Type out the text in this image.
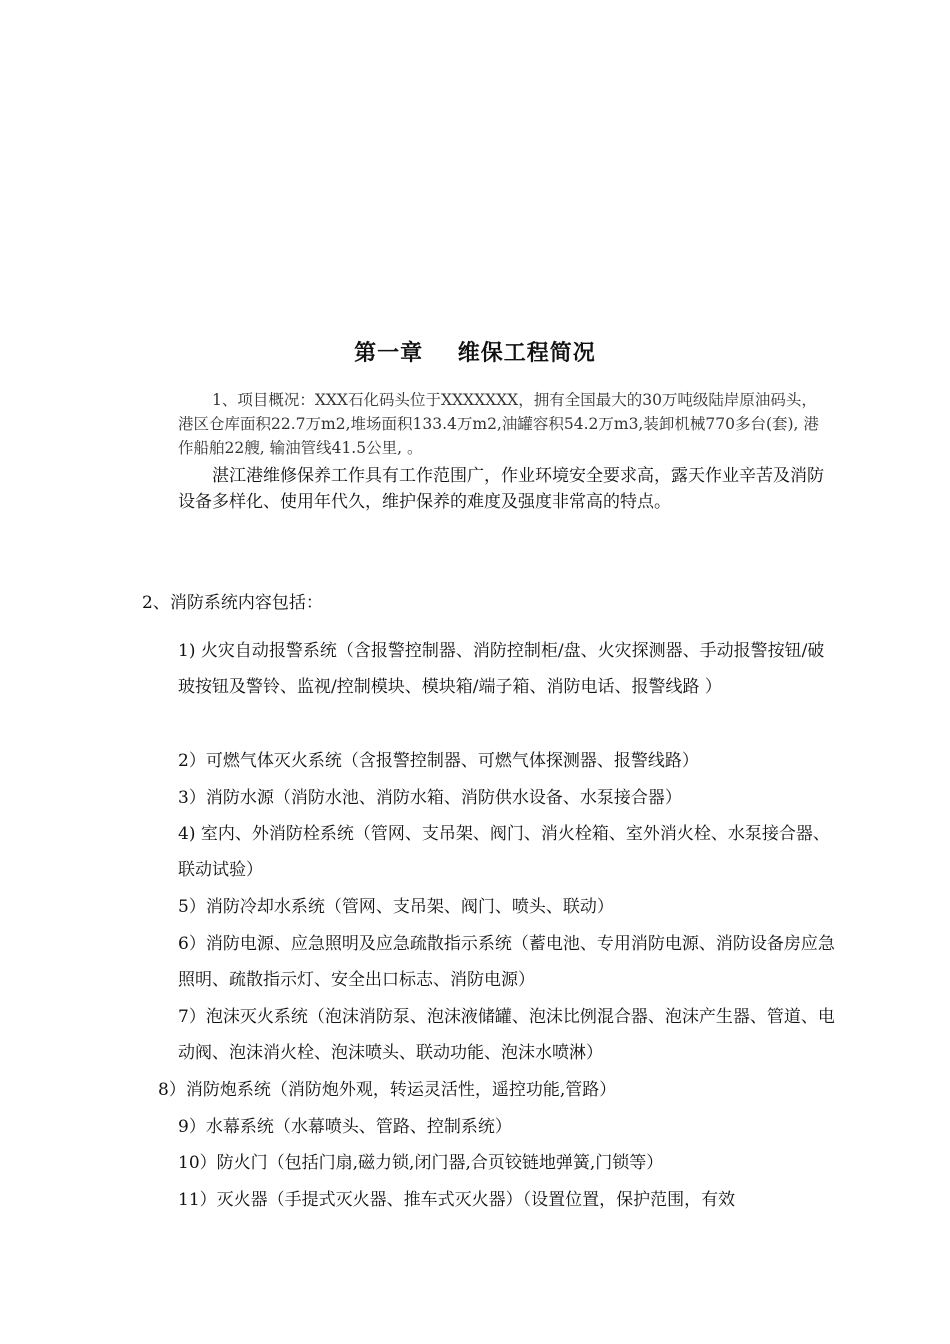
第一章    维保工程简况
1、项目概况：XXX石化码头位于XXXXXXX，拥有全国最大的30万吨级陆岸原油码头，港区仓库面积22.7万m2,堆场面积133.4万m2,油罐容积54.2万m3,装卸机械770多台(套), 港作船舶22艘, 输油管线41.5公里, 。
湛江港维修保养工作具有工作范围广，作业环境安全要求高，露天作业辛苦及消防设备多样化、使用年代久，维护保养的难度及强度非常高的特点。
2、消防系统内容包括：
1) 火灾自动报警系统（含报警控制器、消防控制柜/盘、火灾探测器、手动报警按钮/破玻按钮及警铃、监视/控制模块、模块箱/端子箱、消防电话、报警线路 ）
2）可燃气体灭火系统（含报警控制器、可燃气体探测器、报警线路）
3）消防水源（消防水池、消防水箱、消防供水设备、水泵接合器）
4) 室内、外消防栓系统（管网、支吊架、阀门、消火栓箱、室外消火栓、水泵接合器、联动试验）
5）消防冷却水系统（管网、支吊架、阀门、喷头、联动）
6）消防电源、应急照明及应急疏散指示系统（蓄电池、专用消防电源、消防设备房应急照明、疏散指示灯、安全出口标志、消防电源）
7）泡沫灭火系统（泡沫消防泵、泡沫液储罐、泡沫比例混合器、泡沫产生器、管道、电动阀、泡沫消火栓、泡沫喷头、联动功能、泡沫水喷淋）
8）消防炮系统（消防炮外观，转运灵活性，遥控功能,管路）
9）水幕系统（水幕喷头、管路、控制系统）
10）防火门（包括门扇,磁力锁,闭门器,合页铰链地弹簧,门锁等）
11）灭火器（手提式灭火器、推车式灭火器）（设置位置，保护范围，有效
